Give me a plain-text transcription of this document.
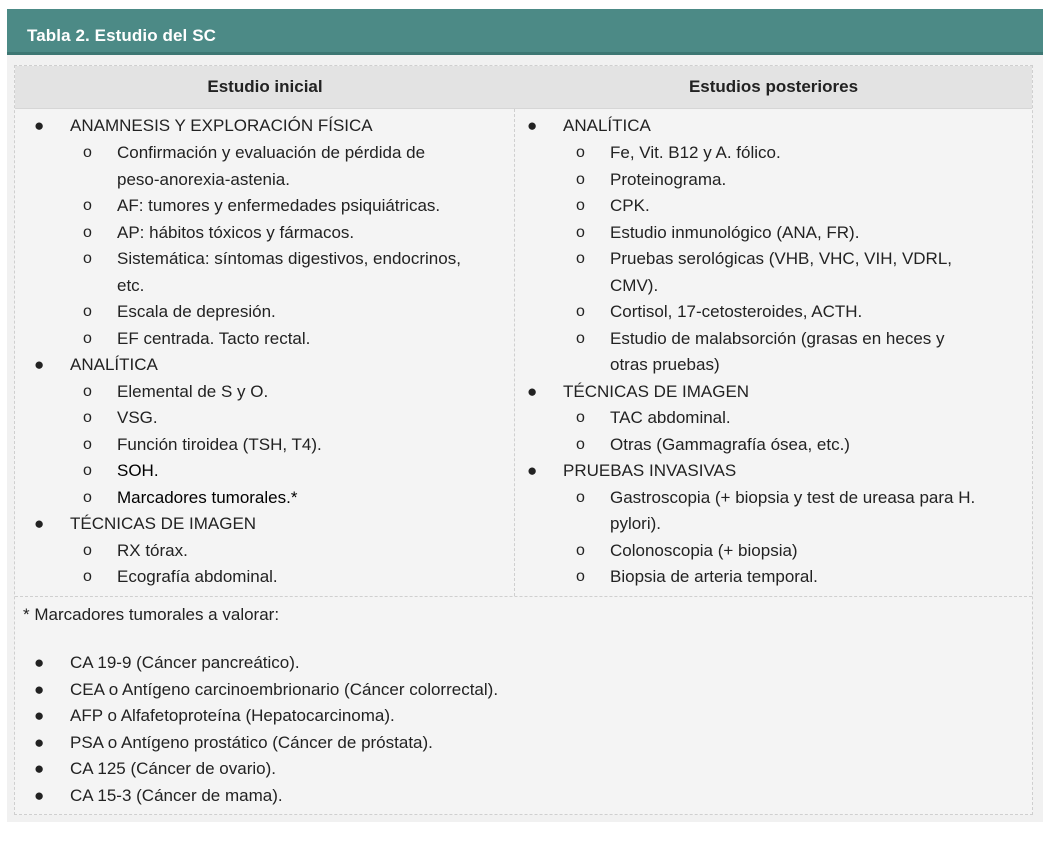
Tabla 2. Estudio del SC
Estudio inicial	Estudios posteriores
● ANAMNESIS Y EXPLORACIÓN FÍSICA
o Confirmación y evaluación de pérdida de
peso-anorexia-astenia.
o AF: tumores y enfermedades psiquiátricas.
o AP: hábitos tóxicos y fármacos.
o Sistemática: síntomas digestivos, endocrinos,
etc.
o Escala de depresión.
o EF centrada. Tacto rectal.
● ANALÍTICA
o Elemental de S y O.
o VSG.
o Función tiroidea (TSH, T4).
o SOH.
o Marcadores tumorales.*
● TÉCNICAS DE IMAGEN
o RX tórax.
o Ecografía abdominal.
● ANALÍTICA
o Fe, Vit. B12 y A. fólico.
o Proteinograma.
o CPK.
o Estudio inmunológico (ANA, FR).
o Pruebas serológicas (VHB, VHC, VIH, VDRL,
CMV).
o Cortisol, 17-cetosteroides, ACTH.
o Estudio de malabsorción (grasas en heces y
otras pruebas)
● TÉCNICAS DE IMAGEN
o TAC abdominal.
o Otras (Gammagrafía ósea, etc.)
● PRUEBAS INVASIVAS
o Gastroscopia (+ biopsia y test de ureasa para H.
pylori).
o Colonoscopia (+ biopsia)
o Biopsia de arteria temporal.
* Marcadores tumorales a valorar:
● CA 19-9 (Cáncer pancreático).
● CEA o Antígeno carcinoembrionario (Cáncer colorrectal).
● AFP o Alfafetoproteína (Hepatocarcinoma).
● PSA o Antígeno prostático (Cáncer de próstata).
● CA 125 (Cáncer de ovario).
● CA 15-3 (Cáncer de mama).
